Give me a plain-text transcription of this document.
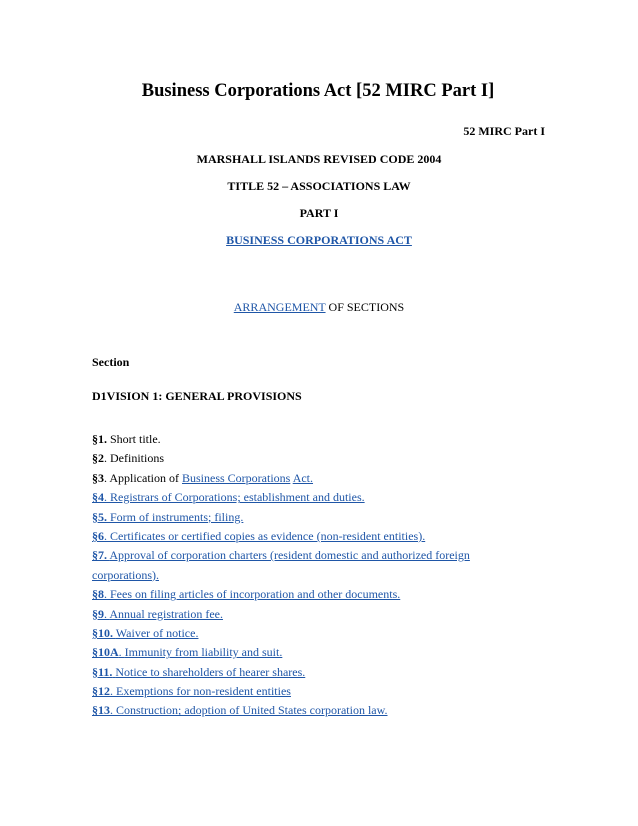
Business Corporations Act [52 MIRC Part I]
52 MIRC Part I
MARSHALL ISLANDS REVISED CODE 2004
TITLE 52 – ASSOCIATIONS LAW
PART I
BUSINESS CORPORATIONS ACT
ARRANGEMENT OF SECTIONS
Section
D1VISION 1: GENERAL PROVISIONS
§1. Short title.
§2. Definitions
§3. Application of Business Corporations Act.
§4. Registrars of Corporations; establishment and duties.
§5. Form of instruments; filing.
§6. Certificates or certified copies as evidence (non-resident entities).
§7. Approval of corporation charters (resident domestic and authorized foreign
corporations).
§8. Fees on filing articles of incorporation and other documents.
§9. Annual registration fee.
§10. Waiver of notice.
§10A. Immunity from liability and suit.
§11. Notice to shareholders of hearer shares.
§12. Exemptions for non-resident entities
§13. Construction; adoption of United States corporation law.
